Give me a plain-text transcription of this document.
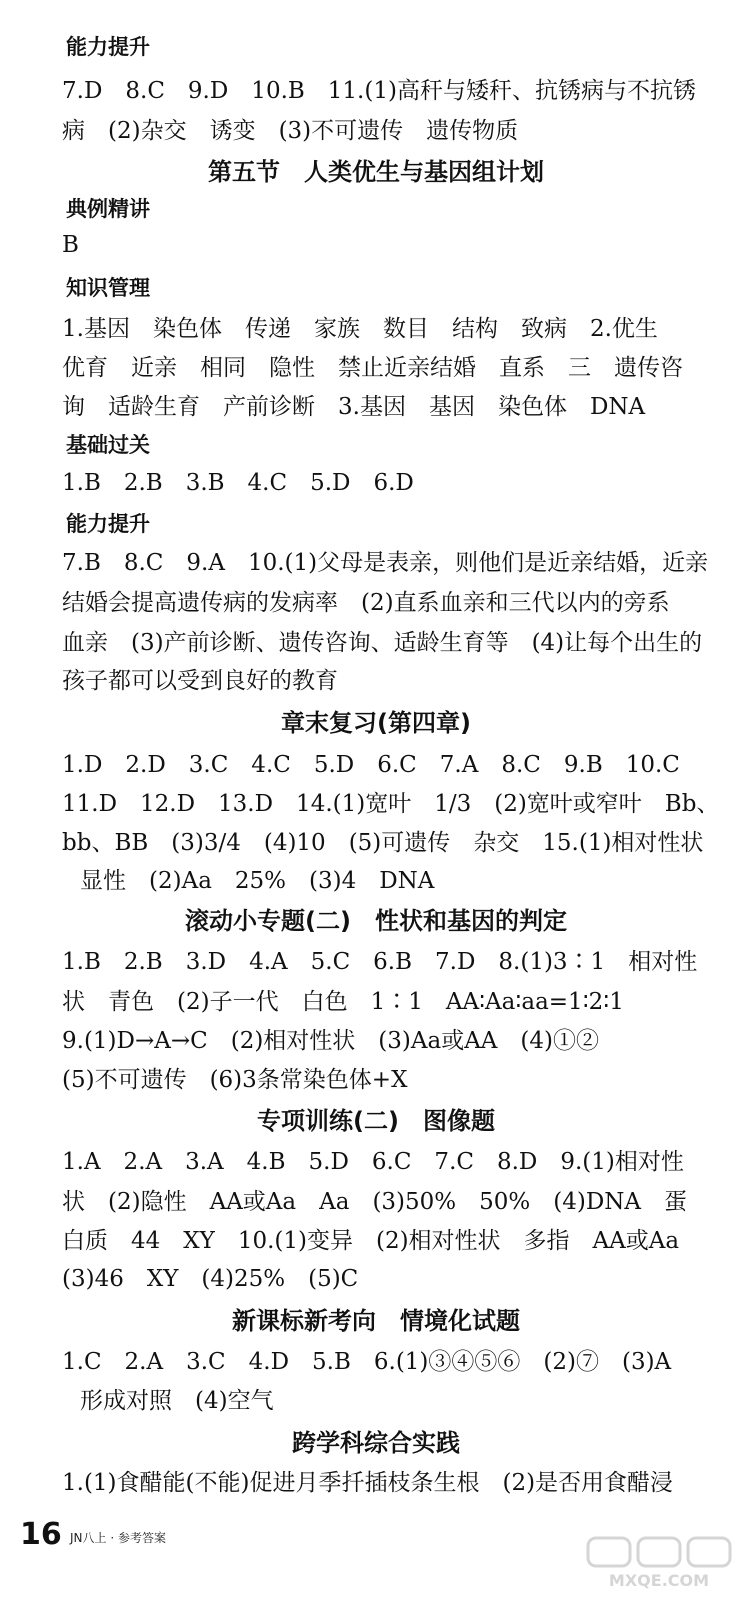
能力提升
7.D　8.C　9.D　10.B　11.(1)高秆与矮秆、抗锈病与不抗锈
病　(2)杂交　诱变　(3)不可遗传　遗传物质
第五节　人类优生与基因组计划
典例精讲
B
知识管理
1.基因　染色体　传递　家族　数目　结构　致病　2.优生
优育　近亲　相同　隐性　禁止近亲结婚　直系　三　遗传咨
询　适龄生育　产前诊断　3.基因　基因　染色体　DNA
基础过关
1.B　2.B　3.B　4.C　5.D　6.D
能力提升
7.B　8.C　9.A　10.(1)父母是表亲，则他们是近亲结婚，近亲
结婚会提高遗传病的发病率　(2)直系血亲和三代以内的旁系
血亲　(3)产前诊断、遗传咨询、适龄生育等　(4)让每个出生的
孩子都可以受到良好的教育
章末复习(第四章)
1.D　2.D　3.C　4.C　5.D　6.C　7.A　8.C　9.B　10.C
11.D　12.D　13.D　14.(1)宽叶　1/3　(2)宽叶或窄叶　Bb、
bb、BB　(3)3/4　(4)10　(5)可遗传　杂交　15.(1)相对性状
显性　(2)Aa　25%　(3)4　DNA
滚动小专题(二)　性状和基因的判定
1.B　2.B　3.D　4.A　5.C　6.B　7.D　8.(1)3∶1　相对性
状　青色　(2)子一代　白色　1∶1　AA∶Aa∶aa=1∶2∶1
9.(1)D→A→C　(2)相对性状　(3)Aa或AA　(4)①②
(5)不可遗传　(6)3条常染色体+X
专项训练(二)　图像题
1.A　2.A　3.A　4.B　5.D　6.C　7.C　8.D　9.(1)相对性
状　(2)隐性　AA或Aa　Aa　(3)50%　50%　(4)DNA　蛋
白质　44　XY　10.(1)变异　(2)相对性状　多指　AA或Aa
(3)46　XY　(4)25%　(5)C
新课标新考向　情境化试题
1.C　2.A　3.C　4.D　5.B　6.(1)③④⑤⑥　(2)⑦　(3)A
形成对照　(4)空气
跨学科综合实践
1.(1)食醋能(不能)促进月季扦插枝条生根　(2)是否用食醋浸
16 JN八上 · 参考答案
MXQE.COM
